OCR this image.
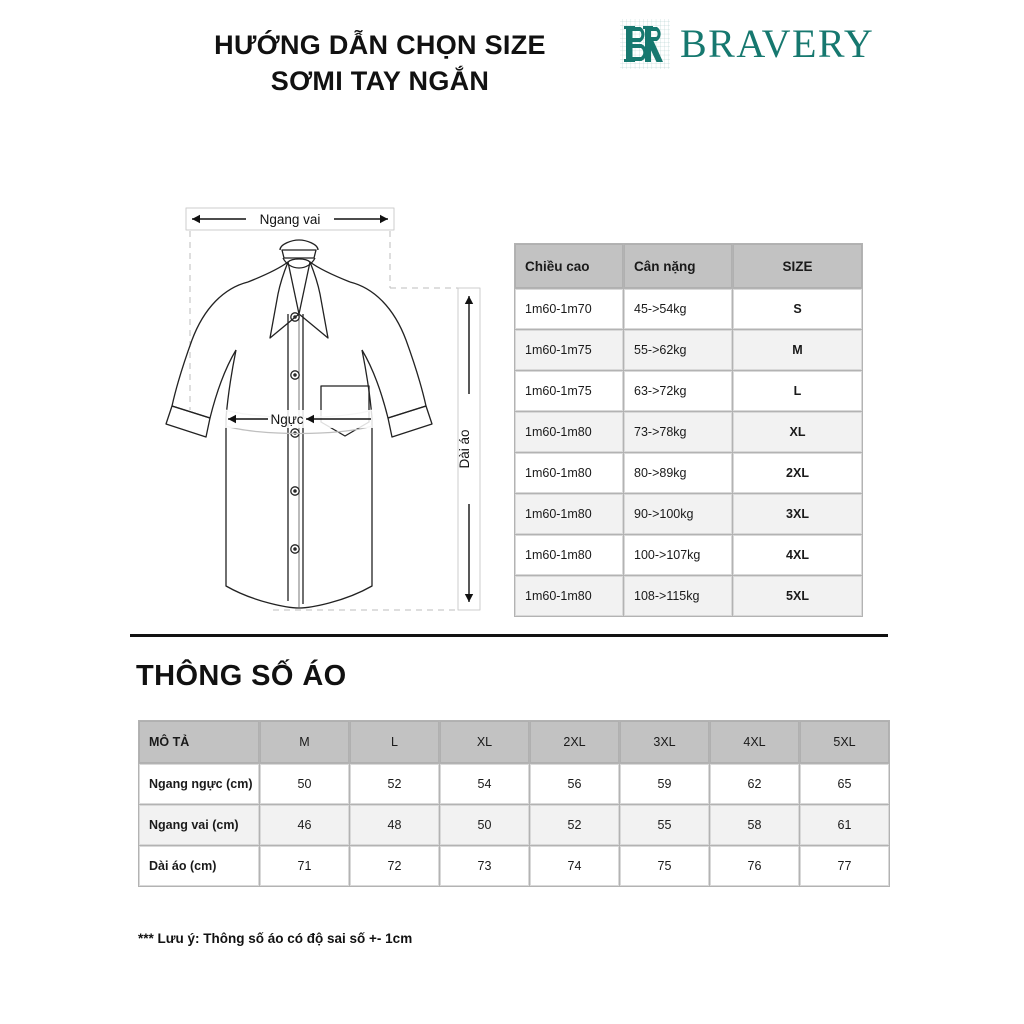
HƯỚNG DẪN CHỌN SIZE
SƠMI TAY NGẮN
BRAVERY
Ngang vai
Ngực
Dài áo
Chiều cao	Cân nặng	SIZE
1m60-1m70	45->54kg	S
1m60-1m75	55->62kg	M
1m60-1m75	63->72kg	L
1m60-1m80	73->78kg	XL
1m60-1m80	80->89kg	2XL
1m60-1m80	90->100kg	3XL
1m60-1m80	100->107kg	4XL
1m60-1m80	108->115kg	5XL
THÔNG SỐ ÁO
MÔ TẢ	M	L	XL	2XL	3XL	4XL	5XL
Ngang ngực (cm)	50	52	54	56	59	62	65
Ngang vai (cm)	46	48	50	52	55	58	61
Dài áo (cm)	71	72	73	74	75	76	77
*** Lưu ý: Thông số áo có độ sai số +- 1cm
